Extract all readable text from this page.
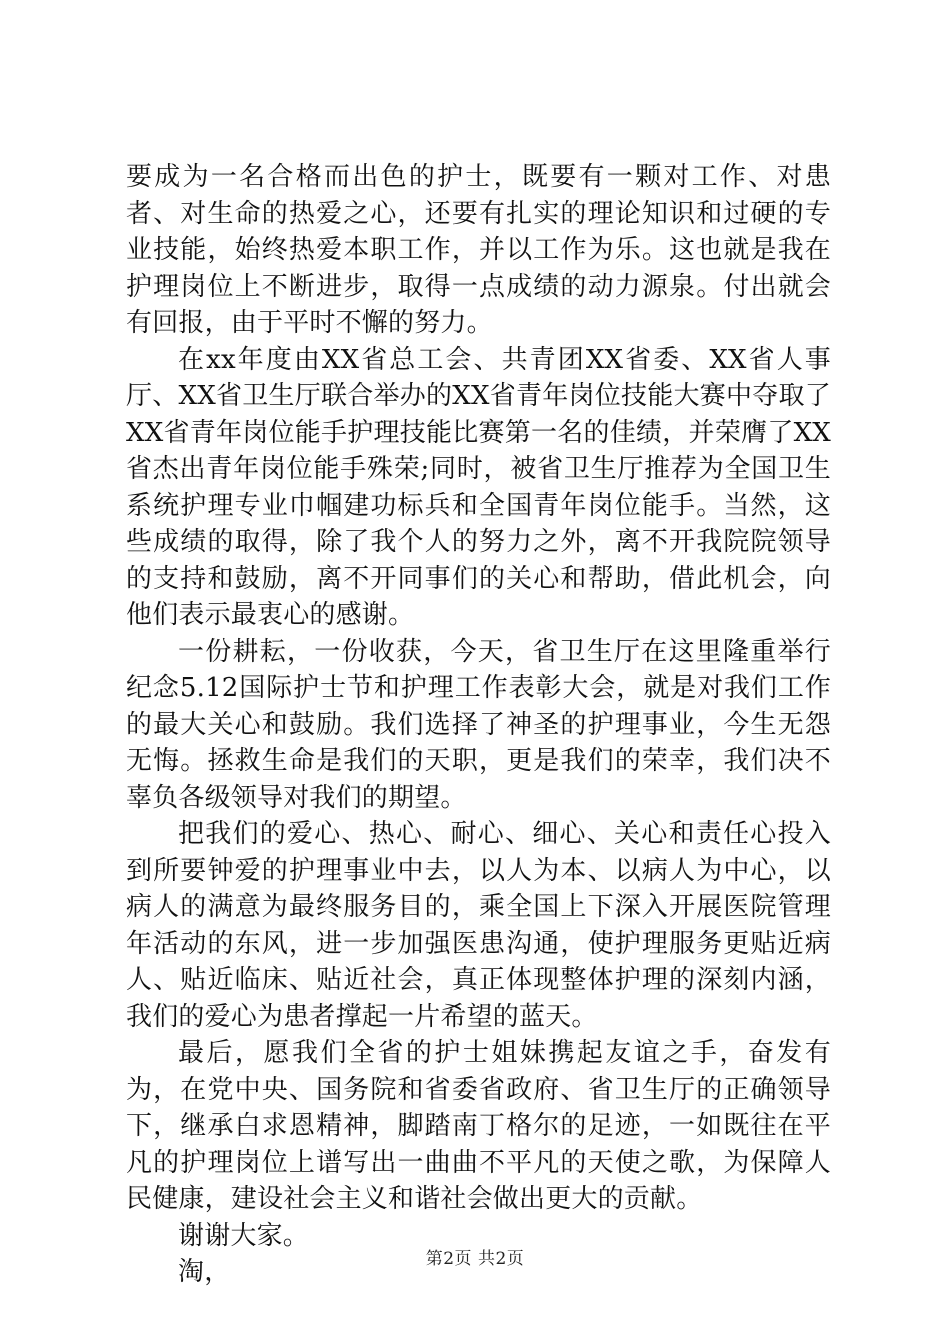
要成为一名合格而出色的护士，既要有一颗对工作、对患者、对生命的热爱之心，还要有扎实的理论知识和过硬的专业技能，始终热爱本职工作，并以工作为乐。这也就是我在护理岗位上不断进步，取得一点成绩的动力源泉。付出就会有回报，由于平时不懈的努力。

在xx年度由XX省总工会、共青团XX省委、XX省人事厅、XX省卫生厅联合举办的XX省青年岗位技能大赛中夺取了XX省青年岗位能手护理技能比赛第一名的佳绩，并荣膺了XX省杰出青年岗位能手殊荣;同时，被省卫生厅推荐为全国卫生系统护理专业巾帼建功标兵和全国青年岗位能手。当然，这些成绩的取得，除了我个人的努力之外，离不开我院院领导的支持和鼓励，离不开同事们的关心和帮助，借此机会，向他们表示最衷心的感谢。

一份耕耘，一份收获，今天，省卫生厅在这里隆重举行纪念5.12国际护士节和护理工作表彰大会，就是对我们工作的最大关心和鼓励。我们选择了神圣的护理事业，今生无怨无悔。拯救生命是我们的天职，更是我们的荣幸，我们决不辜负各级领导对我们的期望。

把我们的爱心、热心、耐心、细心、关心和责任心投入到所要钟爱的护理事业中去，以人为本、以病人为中心，以病人的满意为最终服务目的，乘全国上下深入开展医院管理年活动的东风，进一步加强医患沟通，使护理服务更贴近病人、贴近临床、贴近社会，真正体现整体护理的深刻内涵，我们的爱心为患者撑起一片希望的蓝天。

最后，愿我们全省的护士姐妹携起友谊之手，奋发有为，在党中央、国务院和省委省政府、省卫生厅的正确领导下，继承白求恩精神，脚踏南丁格尔的足迹，一如既往在平凡的护理岗位上谱写出一曲曲不平凡的天使之歌，为保障人民健康，建设社会主义和谐社会做出更大的贡献。

谢谢大家。

淘，	第2页 共2页
